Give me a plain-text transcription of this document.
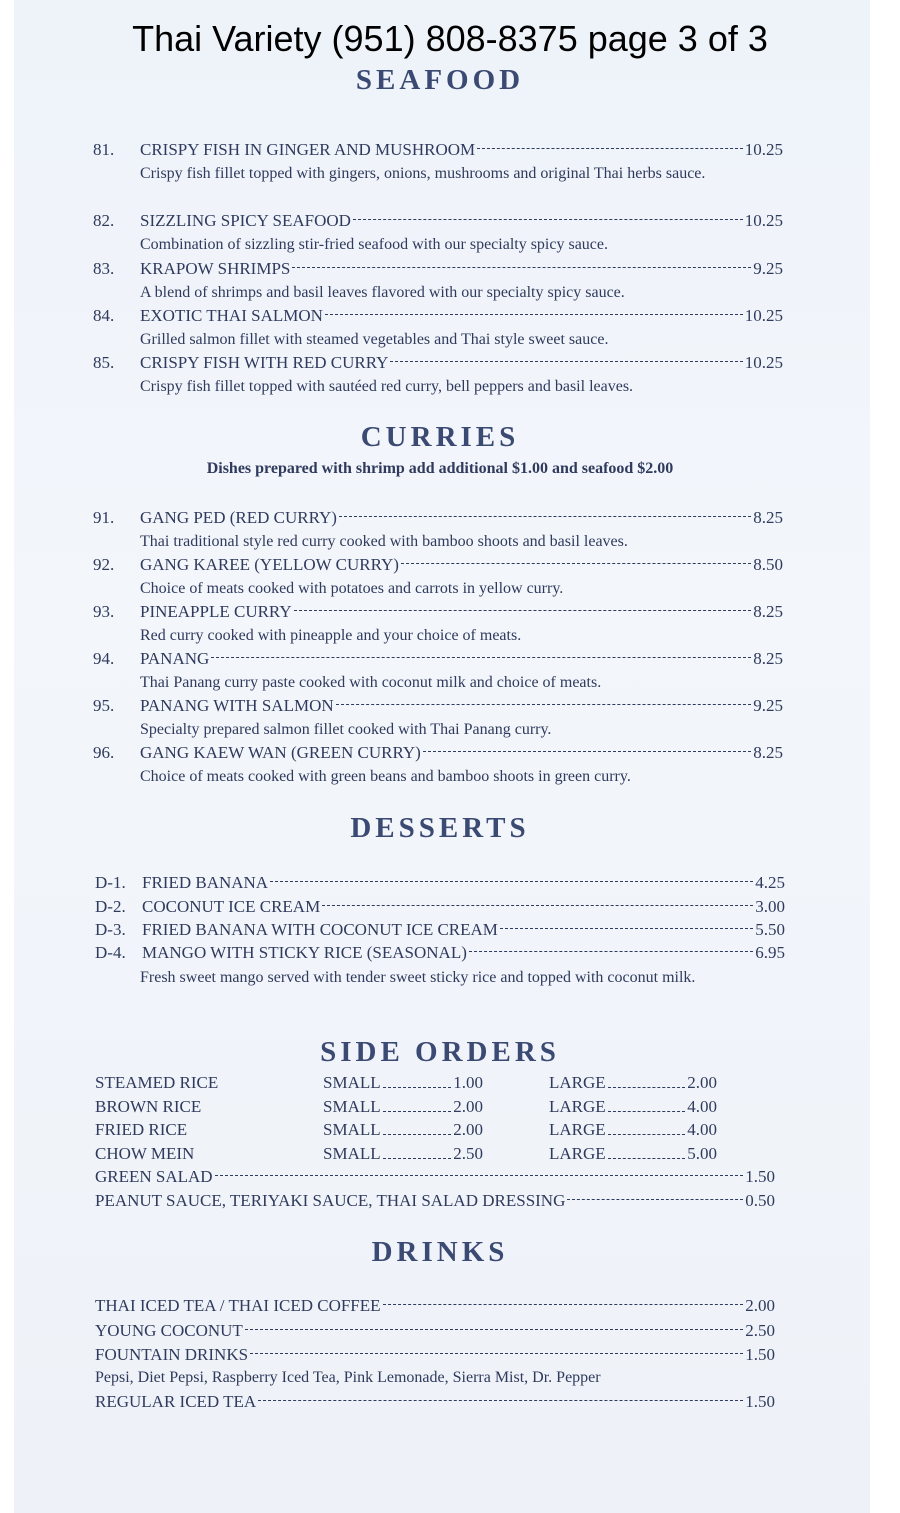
Thai Variety (951) 808-8375 page 3 of 3
SEAFOOD
81.	CRISPY FISH IN GINGER AND MUSHROOM	10.25
Crispy fish fillet topped with gingers, onions, mushrooms and original Thai herbs sauce.
82.	SIZZLING SPICY SEAFOOD	10.25
Combination of sizzling stir-fried seafood with our specialty spicy sauce.
83.	KRAPOW SHRIMPS	9.25
A blend of shrimps and basil leaves flavored with our specialty spicy sauce.
84.	EXOTIC THAI SALMON	10.25
Grilled salmon fillet with steamed vegetables and Thai style sweet sauce.
85.	CRISPY FISH WITH RED CURRY	10.25
Crispy fish fillet topped with sautéed red curry, bell peppers and basil leaves.
CURRIES
Dishes prepared with shrimp add additional $1.00 and seafood $2.00
91.	GANG PED (RED CURRY)	8.25
Thai traditional style red curry cooked with bamboo shoots and basil leaves.
92.	GANG KAREE (YELLOW CURRY)	8.50
Choice of meats cooked with potatoes and carrots in yellow curry.
93.	PINEAPPLE CURRY	8.25
Red curry cooked with pineapple and your choice of meats.
94.	PANANG	8.25
Thai Panang curry paste cooked with coconut milk and choice of meats.
95.	PANANG WITH SALMON	9.25
Specialty prepared salmon fillet cooked with Thai Panang curry.
96.	GANG KAEW WAN (GREEN CURRY)	8.25
Choice of meats cooked with green beans and bamboo shoots in green curry.
DESSERTS
D-1. FRIED BANANA	4.25
D-2. COCONUT ICE CREAM	3.00
D-3. FRIED BANANA WITH COCONUT ICE CREAM	5.50
D-4. MANGO WITH STICKY RICE (SEASONAL)	6.95
Fresh sweet mango served with tender sweet sticky rice and topped with coconut milk.
SIDE ORDERS
STEAMED RICE	SMALL	1.00	LARGE	2.00
BROWN RICE	SMALL	2.00	LARGE	4.00
FRIED RICE	SMALL	2.00	LARGE	4.00
CHOW MEIN	SMALL	2.50	LARGE	5.00
GREEN SALAD	1.50
PEANUT SAUCE, TERIYAKI SAUCE, THAI SALAD DRESSING	0.50
DRINKS
THAI ICED TEA / THAI ICED COFFEE	2.00
YOUNG COCONUT	2.50
FOUNTAIN DRINKS	1.50
Pepsi, Diet Pepsi, Raspberry Iced Tea, Pink Lemonade, Sierra Mist, Dr. Pepper
REGULAR ICED TEA	1.50
